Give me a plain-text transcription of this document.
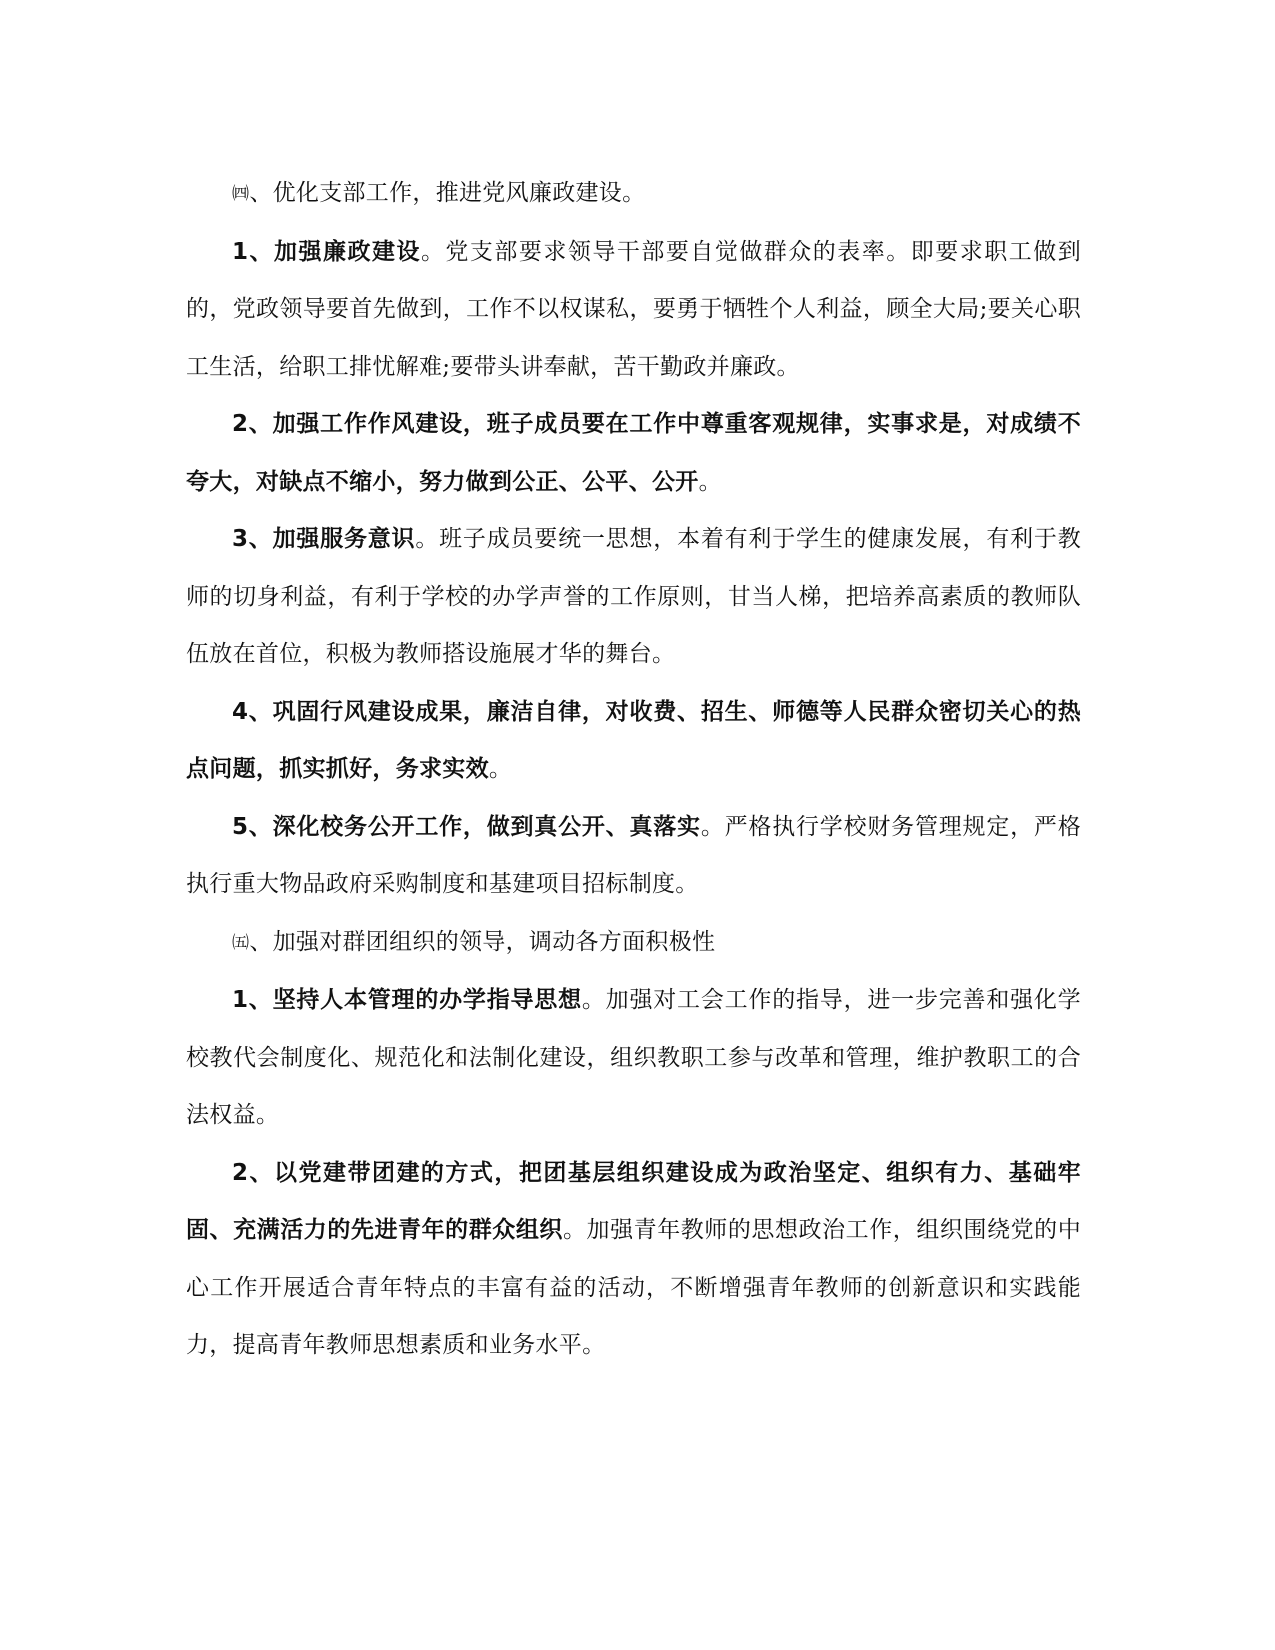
㈣、优化支部工作，推进党风廉政建设。

1、加强廉政建设。党支部要求领导干部要自觉做群众的表率。即要求职工做到的，党政领导要首先做到，工作不以权谋私，要勇于牺牲个人利益，顾全大局;要关心职工生活，给职工排忧解难;要带头讲奉献，苦干勤政并廉政。

2、加强工作作风建设，班子成员要在工作中尊重客观规律，实事求是，对成绩不夸大，对缺点不缩小，努力做到公正、公平、公开。

3、加强服务意识。班子成员要统一思想，本着有利于学生的健康发展，有利于教师的切身利益，有利于学校的办学声誉的工作原则，甘当人梯，把培养高素质的教师队伍放在首位，积极为教师搭设施展才华的舞台。

4、巩固行风建设成果，廉洁自律，对收费、招生、师德等人民群众密切关心的热点问题，抓实抓好，务求实效。

5、深化校务公开工作，做到真公开、真落实。严格执行学校财务管理规定，严格执行重大物品政府采购制度和基建项目招标制度。

㈤、加强对群团组织的领导，调动各方面积极性

1、坚持人本管理的办学指导思想。加强对工会工作的指导，进一步完善和强化学校教代会制度化、规范化和法制化建设，组织教职工参与改革和管理，维护教职工的合法权益。

2、以党建带团建的方式，把团基层组织建设成为政治坚定、组织有力、基础牢固、充满活力的先进青年的群众组织。加强青年教师的思想政治工作，组织围绕党的中心工作开展适合青年特点的丰富有益的活动，不断增强青年教师的创新意识和实践能力，提高青年教师思想素质和业务水平。
